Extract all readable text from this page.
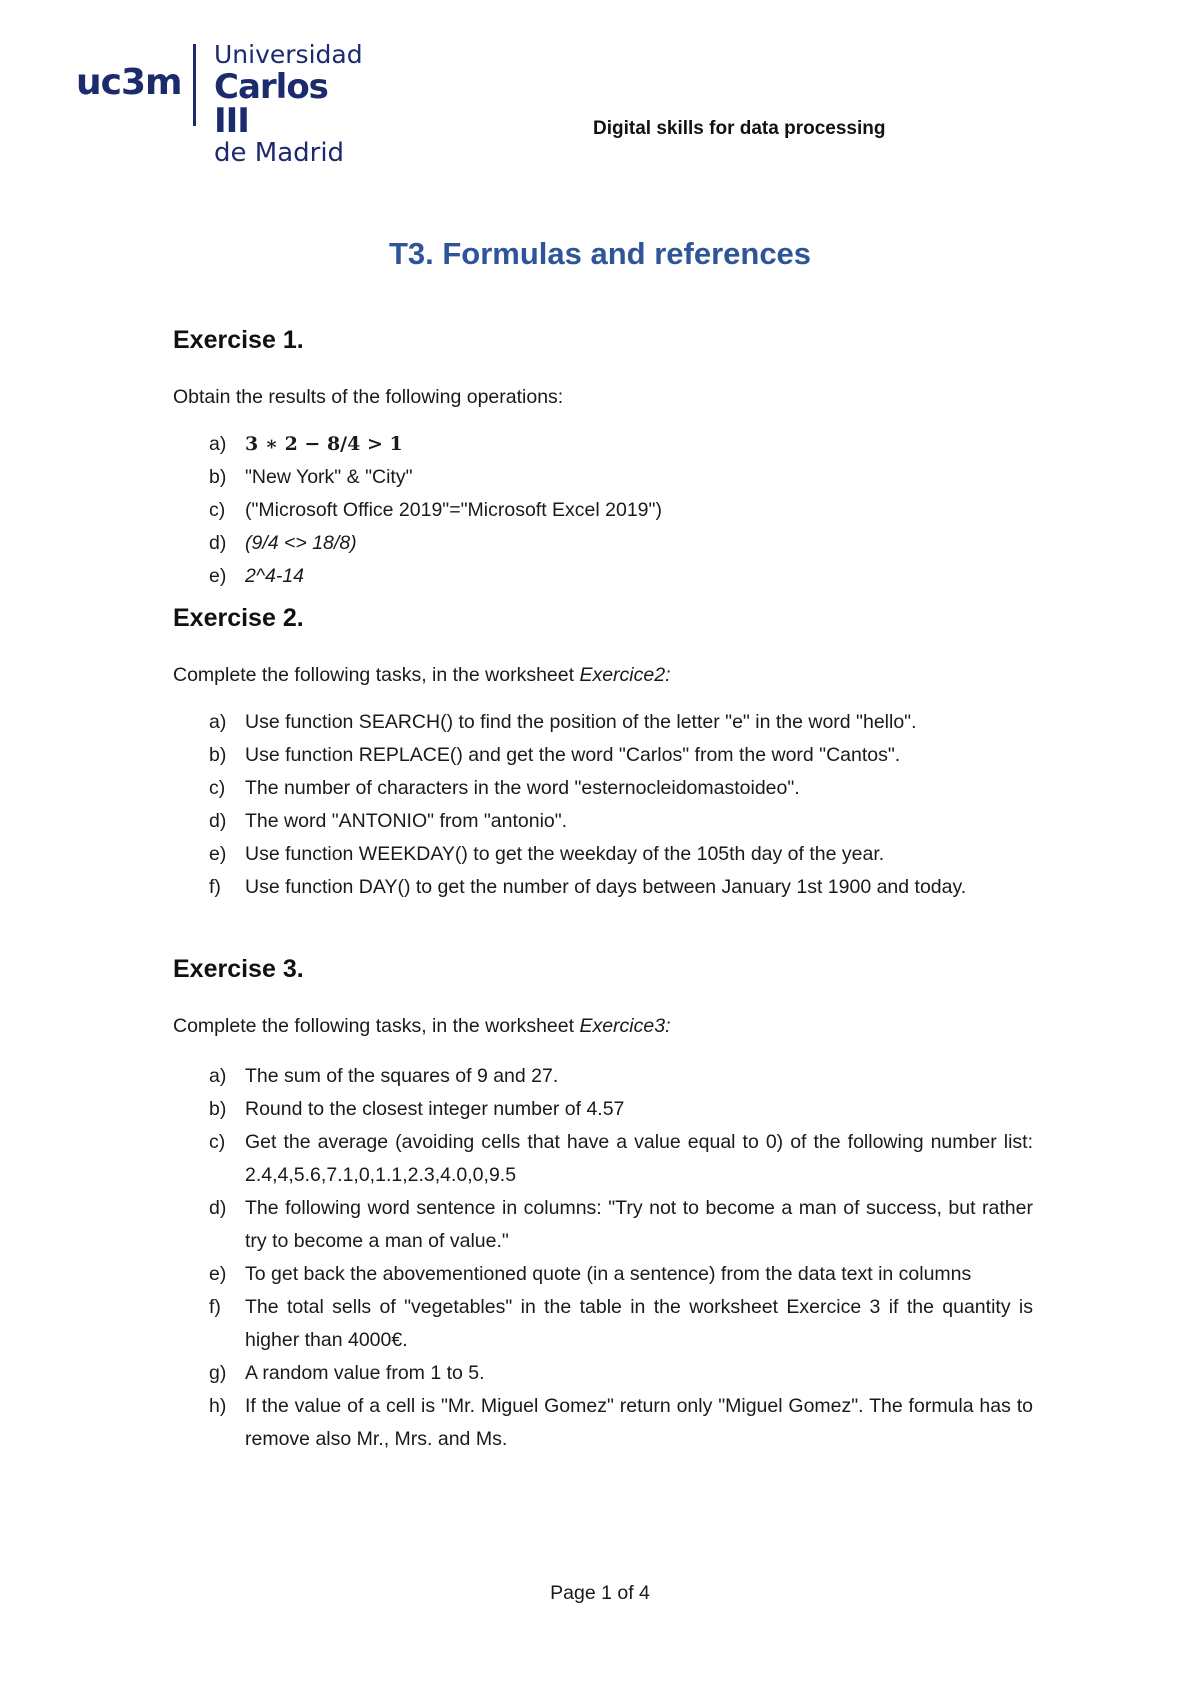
uc3m
Universidad
Carlos III
de Madrid
Digital skills for data processing
T3. Formulas and references
Exercise 1.

Obtain the results of the following operations:

a) 3 ∗ 2 − 8/4 > 1
b) "New York" & "City"
c) ("Microsoft Office 2019"="Microsoft Excel 2019")
d) (9/4 <> 18/8)
e) 2^4-14
Exercise 2.

Complete the following tasks, in the worksheet Exercice2:

a) Use function SEARCH() to find the position of the letter "e" in the word "hello".
b) Use function REPLACE() and get the word "Carlos" from the word "Cantos".
c) The number of characters in the word "esternocleidomastoideo".
d) The word "ANTONIO" from "antonio".
e) Use function WEEKDAY() to get the weekday of the 105th day of the year.
f) Use function DAY() to get the number of days between January 1st 1900 and today.
Exercise 3.

Complete the following tasks, in the worksheet Exercice3:

a) The sum of the squares of 9 and 27.
b) Round to the closest integer number of 4.57
c) Get the average (avoiding cells that have a value equal to 0) of the following number list: 2.4,4,5.6,7.1,0,1.1,2.3,4.0,0,9.5
d) The following word sentence in columns: "Try not to become a man of success, but rather try to become a man of value."
e) To get back the abovementioned quote (in a sentence) from the data text in columns
f) The total sells of "vegetables" in the table in the worksheet Exercice 3 if the quantity is higher than 4000€.
g) A random value from 1 to 5.
h) If the value of a cell is "Mr. Miguel Gomez" return only "Miguel Gomez". The formula has to remove also Mr., Mrs. and Ms.
Page 1 of 4
